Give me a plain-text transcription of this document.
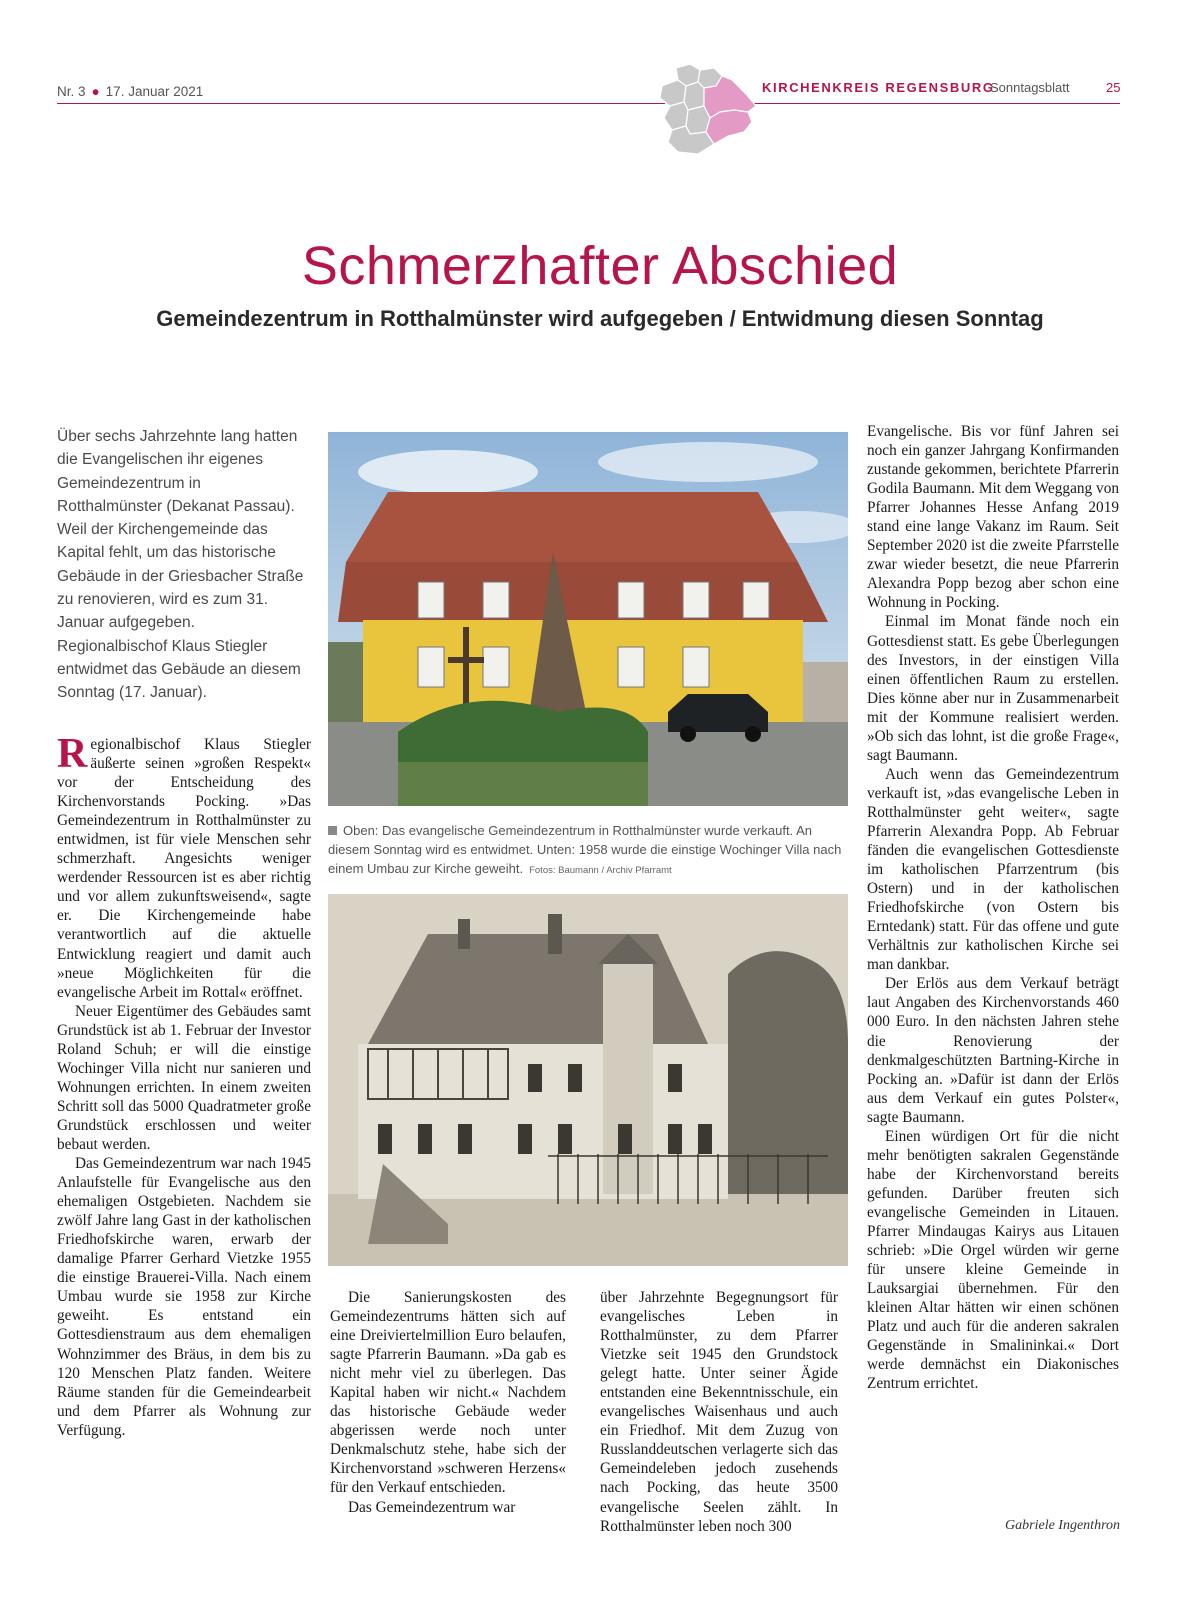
Nr. 3 ● 17. Januar 2021	KIRCHENKREIS REGENSBURG
Sonntagsblatt	25
Schmerzhafter Abschied
Gemeindezentrum in Rotthalmünster wird aufgegeben / Entwidmung diesen Sonntag
Über sechs Jahrzehnte lang hatten die Evangelischen ihr eigenes Gemeindezentrum in Rotthalmünster (Dekanat Passau). Weil der Kirchengemeinde das Kapital fehlt, um das historische Gebäude in der Griesbacher Straße zu renovieren, wird es zum 31. Januar aufgegeben. Regionalbischof Klaus Stiegler entwidmet das Gebäude an diesem Sonntag (17. Januar).

Regionalbischof Klaus Stiegler äußerte seinen »großen Respekt« vor der Entscheidung des Kirchenvorstands Pocking. »Das Gemeindezentrum in Rotthalmünster zu entwidmen, ist für viele Menschen sehr schmerzhaft. Angesichts weniger werdender Ressourcen ist es aber richtig und vor allem zukunftsweisend«, sagte er. Die Kirchengemeinde habe verantwortlich auf die aktuelle Entwicklung reagiert und damit auch »neue Möglichkeiten für die evangelische Arbeit im Rottal« eröffnet.

Neuer Eigentümer des Gebäudes samt Grundstück ist ab 1. Februar der Investor Roland Schuh; er will die einstige Wochinger Villa nicht nur sanieren und Wohnungen errichten. In einem zweiten Schritt soll das 5000 Quadratmeter große Grundstück erschlossen und weiter bebaut werden.

Das Gemeindezentrum war nach 1945 Anlaufstelle für Evangelische aus den ehemaligen Ostgebieten. Nachdem sie zwölf Jahre lang Gast in der katholischen Friedhofskirche waren, erwarb der damalige Pfarrer Gerhard Vietzke 1955 die einstige Brauerei-Villa. Nach einem Umbau wurde sie 1958 zur Kirche geweiht. Es entstand ein Gottesdienstraum aus dem ehemaligen Wohnzimmer des Bräus, in dem bis zu 120 Menschen Platz fanden. Weitere Räume standen für die Gemeindearbeit und dem Pfarrer als Wohnung zur Verfügung.

Oben: Das evangelische Gemeindezentrum in Rotthalmünster wurde verkauft. An diesem Sonntag wird es entwidmet. Unten: 1958 wurde die einstige Wochinger Villa nach einem Umbau zur Kirche geweiht. Fotos: Baumann / Archiv Pfarramt

Die Sanierungskosten des Gemeindezentrums hätten sich auf eine Dreiviertelmillion Euro belaufen, sagte Pfarrerin Baumann. »Da gab es nicht mehr viel zu überlegen. Das Kapital haben wir nicht.« Nachdem das historische Gebäude weder abgerissen werde noch unter Denkmalschutz stehe, habe sich der Kirchenvorstand »schweren Herzens« für den Verkauf entschieden.

Das Gemeindezentrum war

über Jahrzehnte Begegnungsort für evangelisches Leben in Rotthalmünster, zu dem Pfarrer Vietzke seit 1945 den Grundstock gelegt hatte. Unter seiner Ägide entstanden eine Bekenntnisschule, ein evangelisches Waisenhaus und auch ein Friedhof. Mit dem Zuzug von Russlanddeutschen verlagerte sich das Gemeindeleben jedoch zusehends nach Pocking, das heute 3500 evangelische Seelen zählt. In Rotthalmünster leben noch 300

Evangelische. Bis vor fünf Jahren sei noch ein ganzer Jahrgang Konfirmanden zustande gekommen, berichtete Pfarrerin Godila Baumann. Mit dem Weggang von Pfarrer Johannes Hesse Anfang 2019 stand eine lange Vakanz im Raum. Seit September 2020 ist die zweite Pfarrstelle zwar wieder besetzt, die neue Pfarrerin Alexandra Popp bezog aber schon eine Wohnung in Pocking.

Einmal im Monat fände noch ein Gottesdienst statt. Es gebe Überlegungen des Investors, in der einstigen Villa einen öffentlichen Raum zu erstellen. Dies könne aber nur in Zusammenarbeit mit der Kommune realisiert werden. »Ob sich das lohnt, ist die große Frage«, sagt Baumann.

Auch wenn das Gemeindezentrum verkauft ist, »das evangelische Leben in Rotthalmünster geht weiter«, sagte Pfarrerin Alexandra Popp. Ab Februar fänden die evangelischen Gottesdienste im katholischen Pfarrzentrum (bis Ostern) und in der katholischen Friedhofskirche (von Ostern bis Erntedank) statt. Für das offene und gute Verhältnis zur katholischen Kirche sei man dankbar.

Der Erlös aus dem Verkauf beträgt laut Angaben des Kirchenvorstands 460 000 Euro. In den nächsten Jahren stehe die Renovierung der denkmalgeschützten Bartning-Kirche in Pocking an. »Dafür ist dann der Erlös aus dem Verkauf ein gutes Polster«, sagte Baumann.

Einen würdigen Ort für die nicht mehr benötigten sakralen Gegenstände habe der Kirchenvorstand bereits gefunden. Darüber freuten sich evangelische Gemeinden in Litauen. Pfarrer Mindaugas Kairys aus Litauen schrieb: »Die Orgel würden wir gerne für unsere kleine Gemeinde in Lauksargiai übernehmen. Für den kleinen Altar hätten wir einen schönen Platz und auch für die anderen sakralen Gegenstände in Smalininkai.« Dort werde demnächst ein Diakonisches Zentrum errichtet.

Gabriele Ingenthron
